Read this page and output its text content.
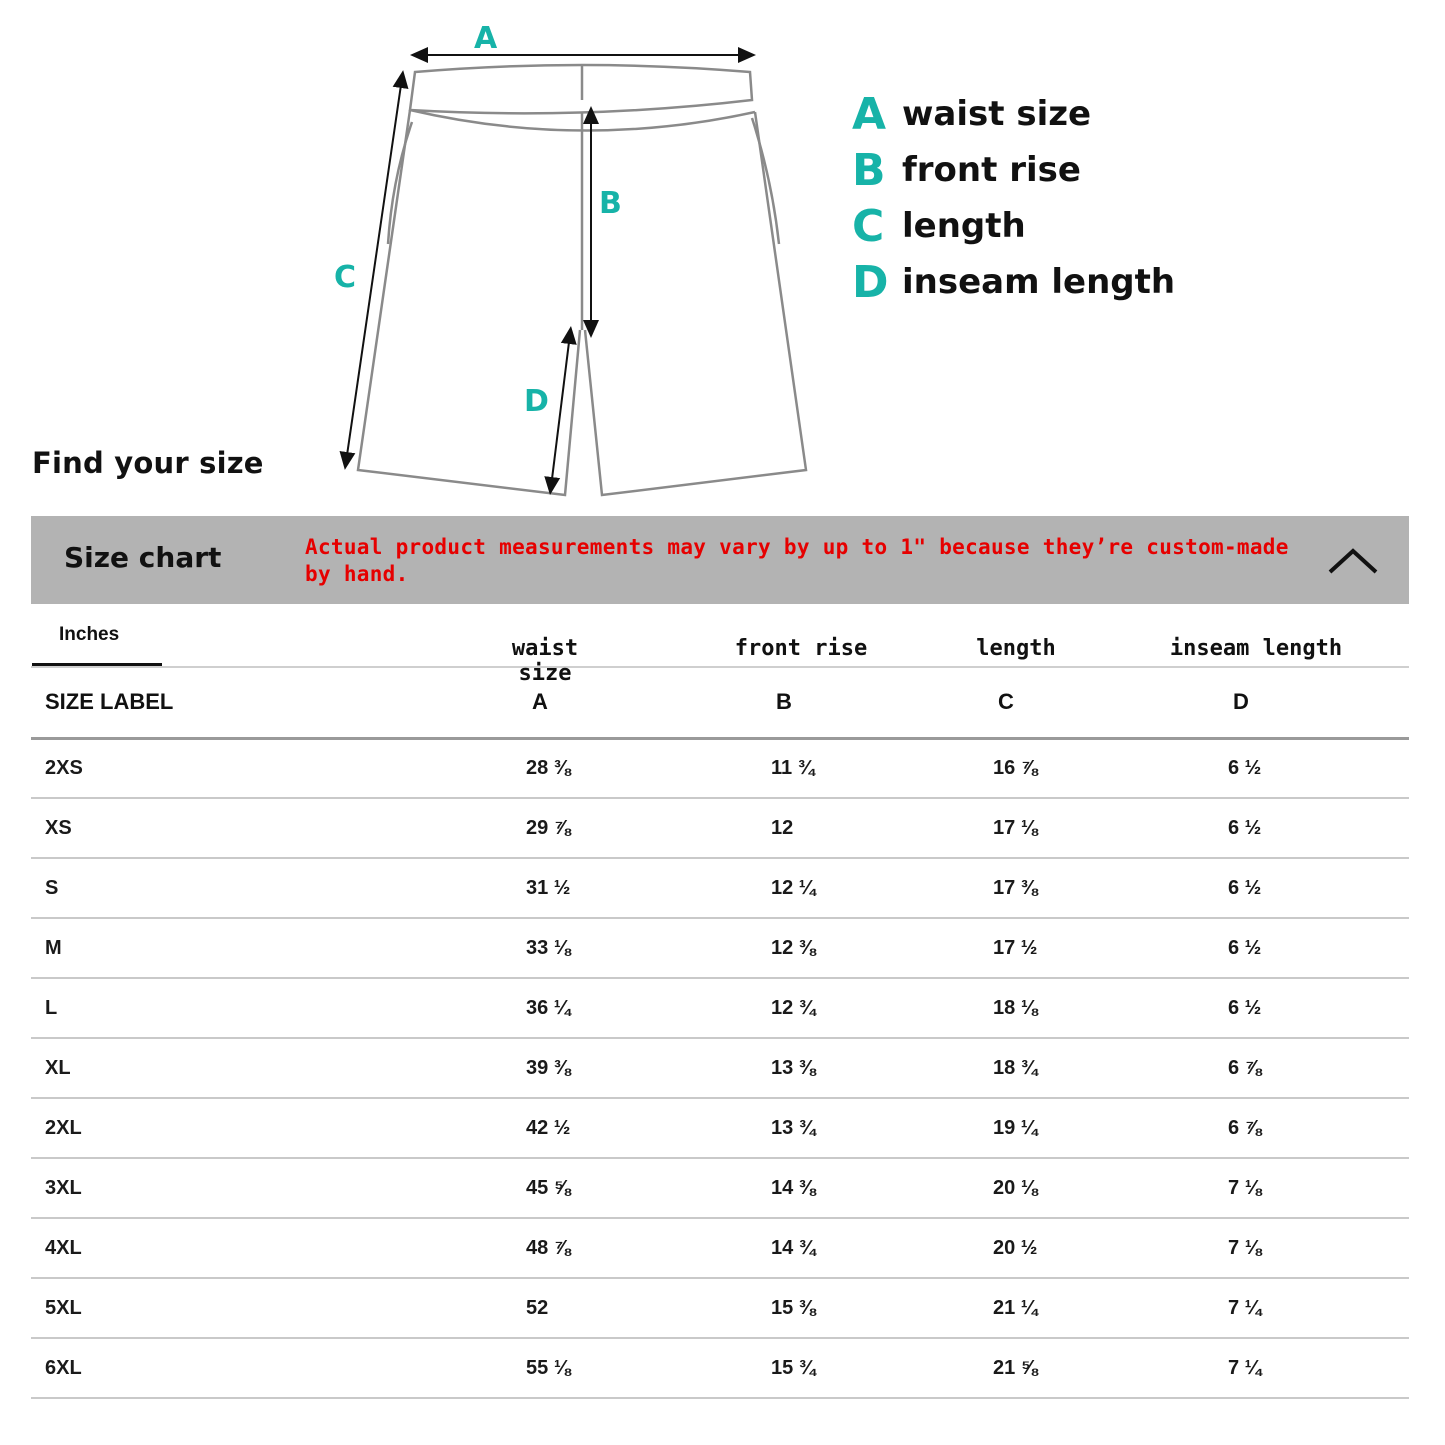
A
B
C
D
A waist size
B front rise
C length
D inseam length
Find your size
Size chart	Actual product measurements may vary by up to 1" because they’re custom-made by hand.
Inches
waist size
front rise	length	inseam length
SIZE LABEL	A	B	C	D
2XS	28 ⅜	11 ¾	16 ⅞	6 ½
XS	29 ⅞	12	17 ⅛	6 ½
S	31 ½	12 ¼	17 ⅜	6 ½
M	33 ⅛	12 ⅜	17 ½	6 ½
L	36 ¼	12 ¾	18 ⅛	6 ½
XL	39 ⅜	13 ⅜	18 ¾	6 ⅞
2XL	42 ½	13 ¾	19 ¼	6 ⅞
3XL	45 ⅝	14 ⅜	20 ⅛	7 ⅛
4XL	48 ⅞	14 ¾	20 ½	7 ⅛
5XL	52	15 ⅜	21 ¼	7 ¼
6XL	55 ⅛	15 ¾	21 ⅝	7 ¼
